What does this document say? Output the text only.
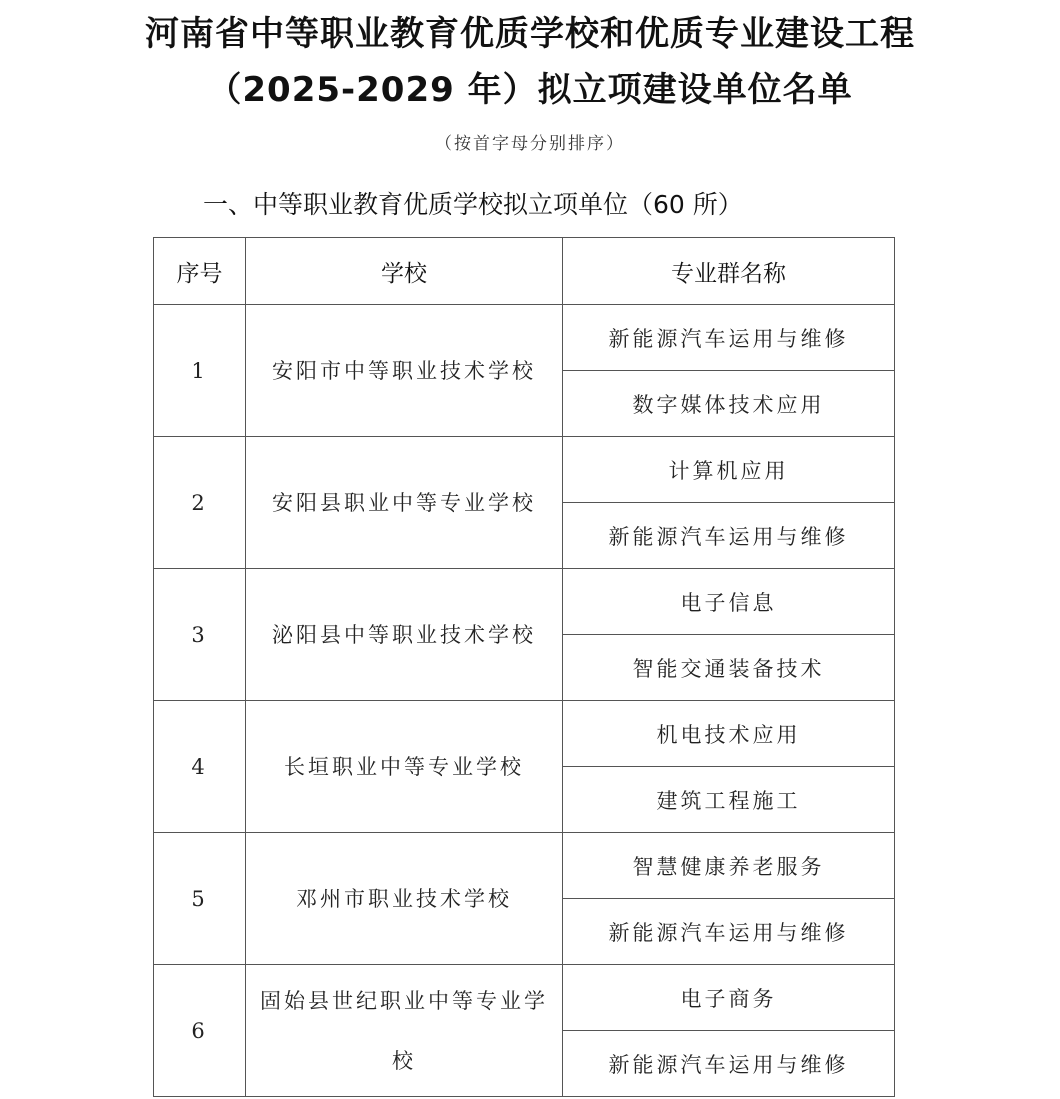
河南省中等职业教育优质学校和优质专业建设工程
（2025-2029 年）拟立项建设单位名单
（按首字母分别排序）
一、中等职业教育优质学校拟立项单位（60 所）
序号	学校	专业群名称
1	安阳市中等职业技术学校	新能源汽车运用与维修
		数字媒体技术应用
2	安阳县职业中等专业学校	计算机应用
		新能源汽车运用与维修
3	泌阳县中等职业技术学校	电子信息
		智能交通装备技术
4	长垣职业中等专业学校	机电技术应用
		建筑工程施工
5	邓州市职业技术学校	智慧健康养老服务
		新能源汽车运用与维修
6	固始县世纪职业中等专业学校	电子商务
		新能源汽车运用与维修
